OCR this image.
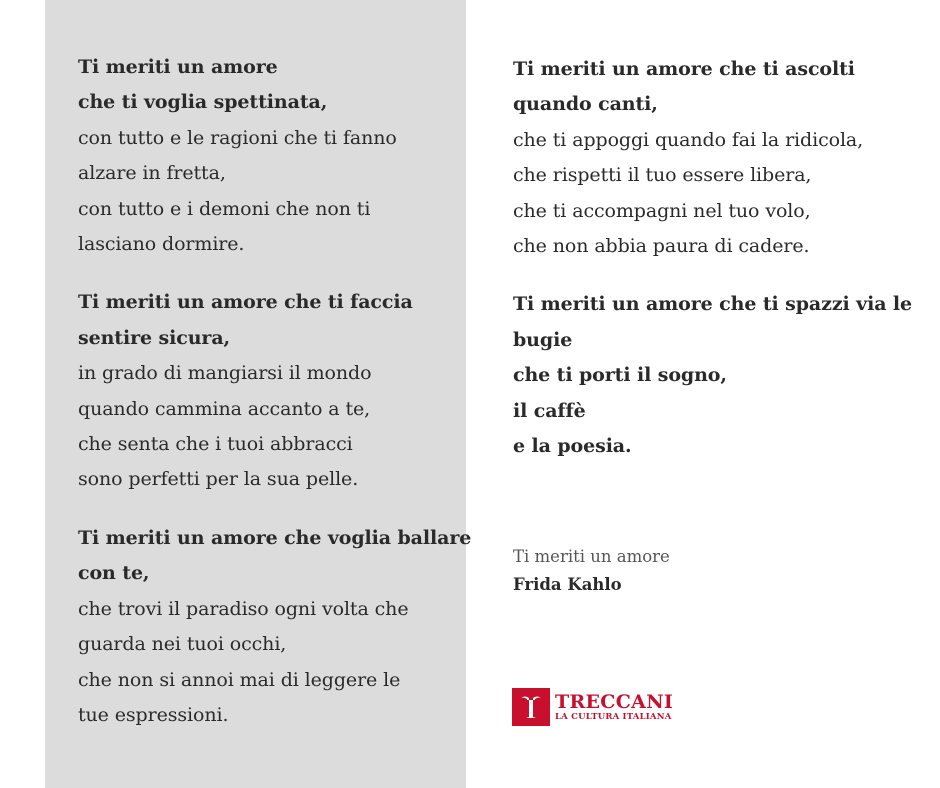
Ti meriti un amore
che ti voglia spettinata,
con tutto e le ragioni che ti fanno
alzare in fretta,
con tutto e i demoni che non ti
lasciano dormire.
Ti meriti un amore che ti faccia
sentire sicura,
in grado di mangiarsi il mondo
quando cammina accanto a te,
che senta che i tuoi abbracci
sono perfetti per la sua pelle.
Ti meriti un amore che voglia ballare
con te,
che trovi il paradiso ogni volta che
guarda nei tuoi occhi,
che non si annoi mai di leggere le
tue espressioni.
Ti meriti un amore che ti ascolti
quando canti,
che ti appoggi quando fai la ridicola,
che rispetti il tuo essere libera,
che ti accompagni nel tuo volo,
che non abbia paura di cadere.
Ti meriti un amore che ti spazzi via le
bugie
che ti porti il sogno,
il caffè
e la poesia.
Ti meriti un amore
Frida Kahlo
TRECCANI
LA CULTURA ITALIANA
